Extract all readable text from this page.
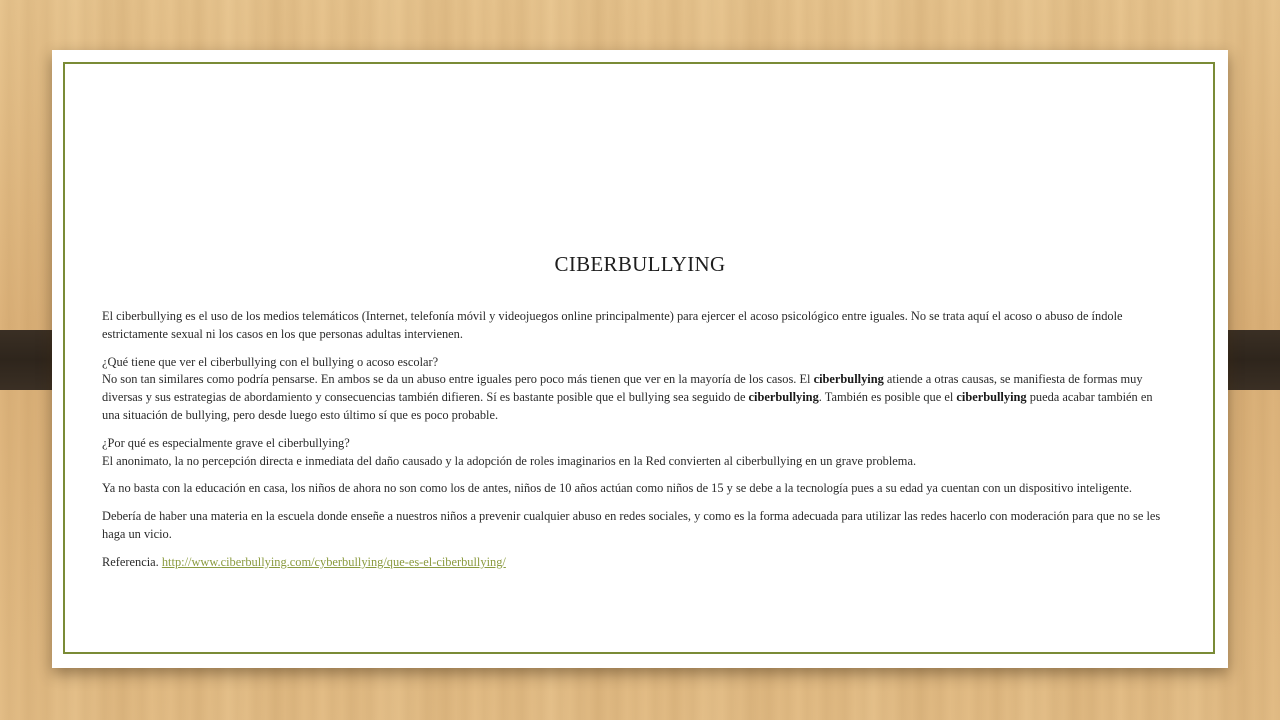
CIBERBULLYING

El ciberbullying es el uso de los medios telemáticos (Internet, telefonía móvil y videojuegos online principalmente) para ejercer el acoso psicológico entre iguales. No se trata aquí el acoso o abuso de índole estrictamente sexual ni los casos en los que personas adultas intervienen.

¿Qué tiene que ver el ciberbullying con el bullying o acoso escolar?
No son tan similares como podría pensarse. En ambos se da un abuso entre iguales pero poco más tienen que ver en la mayoría de los casos. El ciberbullying atiende a otras causas, se manifiesta de formas muy diversas y sus estrategias de abordamiento y consecuencias también difieren. Sí es bastante posible que el bullying sea seguido de ciberbullying. También es posible que el ciberbullying pueda acabar también en una situación de bullying, pero desde luego esto último sí que es poco probable.

¿Por qué es especialmente grave el ciberbullying?
El anonimato, la no percepción directa e inmediata del daño causado y la adopción de roles imaginarios en la Red convierten al ciberbullying en un grave problema.

Ya no basta con la educación en casa, los niños de ahora no son como los de antes, niños de 10 años actúan como niños de 15 y se debe a la tecnología pues a su edad ya cuentan con un dispositivo inteligente.

Debería de haber una materia en la escuela donde enseñe a nuestros niños a prevenir cualquier abuso en redes sociales, y como es la forma adecuada para utilizar las redes hacerlo con moderación para que no se les haga un vicio.

Referencia. http://www.ciberbullying.com/cyberbullying/que-es-el-ciberbullying/
